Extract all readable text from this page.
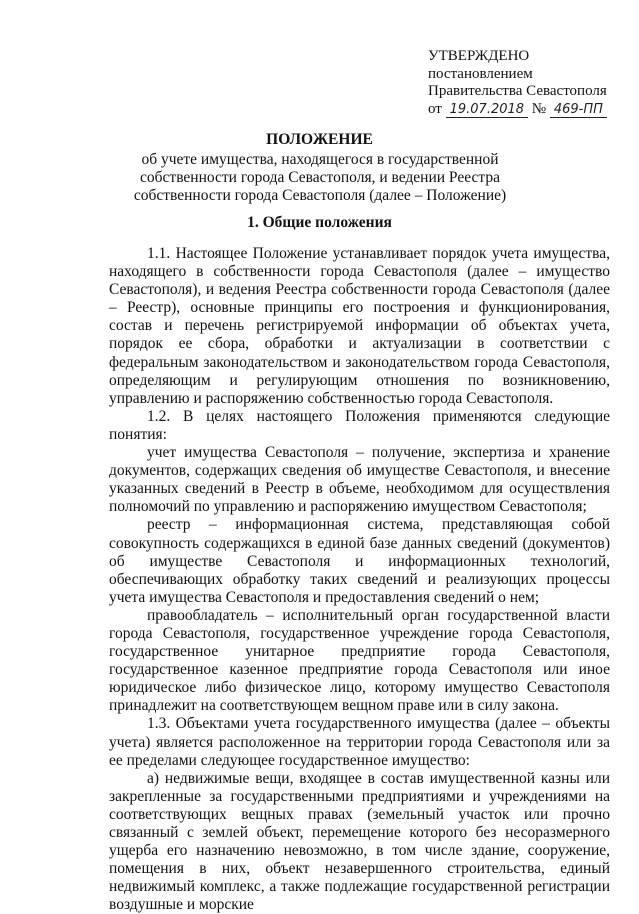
УТВЕРЖДЕНО
постановлением
Правительства Севастополя
от 19.07.2018 № 469-ПП
ПОЛОЖЕНИЕ
об учете имущества, находящегося в государственной собственности города Севастополя, и ведении Реестра собственности города Севастополя (далее – Положение)
1. Общие положения

1.1. Настоящее Положение устанавливает порядок учета имущества, находящего в собственности города Севастополя (далее – имущество Севастополя), и ведения Реестра собственности города Севастополя (далее – Реестр), основные принципы его построения и функционирования, состав и перечень регистрируемой информации об объектах учета, порядок ее сбора, обработки и актуализации в соответствии с федеральным законодательством и законодательством города Севастополя, определяющим и регулирующим отношения по возникновению, управлению и распоряжению собственностью города Севастополя.

1.2. В целях настоящего Положения применяются следующие понятия:

учет имущества Севастополя – получение, экспертиза и хранение документов, содержащих сведения об имуществе Севастополя, и внесение указанных сведений в Реестр в объеме, необходимом для осуществления полномочий по управлению и распоряжению имуществом Севастополя;

реестр – информационная система, представляющая собой совокупность содержащихся в единой базе данных сведений (документов) об имуществе Севастополя и информационных технологий, обеспечивающих обработку таких сведений и реализующих процессы учета имущества Севастополя и предоставления сведений о нем;

правообладатель – исполнительный орган государственной власти города Севастополя, государственное учреждение города Севастополя, государственное унитарное предприятие города Севастополя, государственное казенное предприятие города Севастополя или иное юридическое либо физическое лицо, которому имущество Севастополя принадлежит на соответствующем вещном праве или в силу закона.

1.3. Объектами учета государственного имущества (далее – объекты учета) является расположенное на территории города Севастополя или за ее пределами следующее государственное имущество:

а) недвижимые вещи, входящее в состав имущественной казны или закрепленные за государственными предприятиями и учреждениями на соответствующих вещных правах (земельный участок или прочно связанный с землей объект, перемещение которого без несоразмерного ущерба его назначению невозможно, в том числе здание, сооружение, помещения в них, объект незавершенного строительства, единый недвижимый комплекс, а также подлежащие государственной регистрации воздушные и морские
